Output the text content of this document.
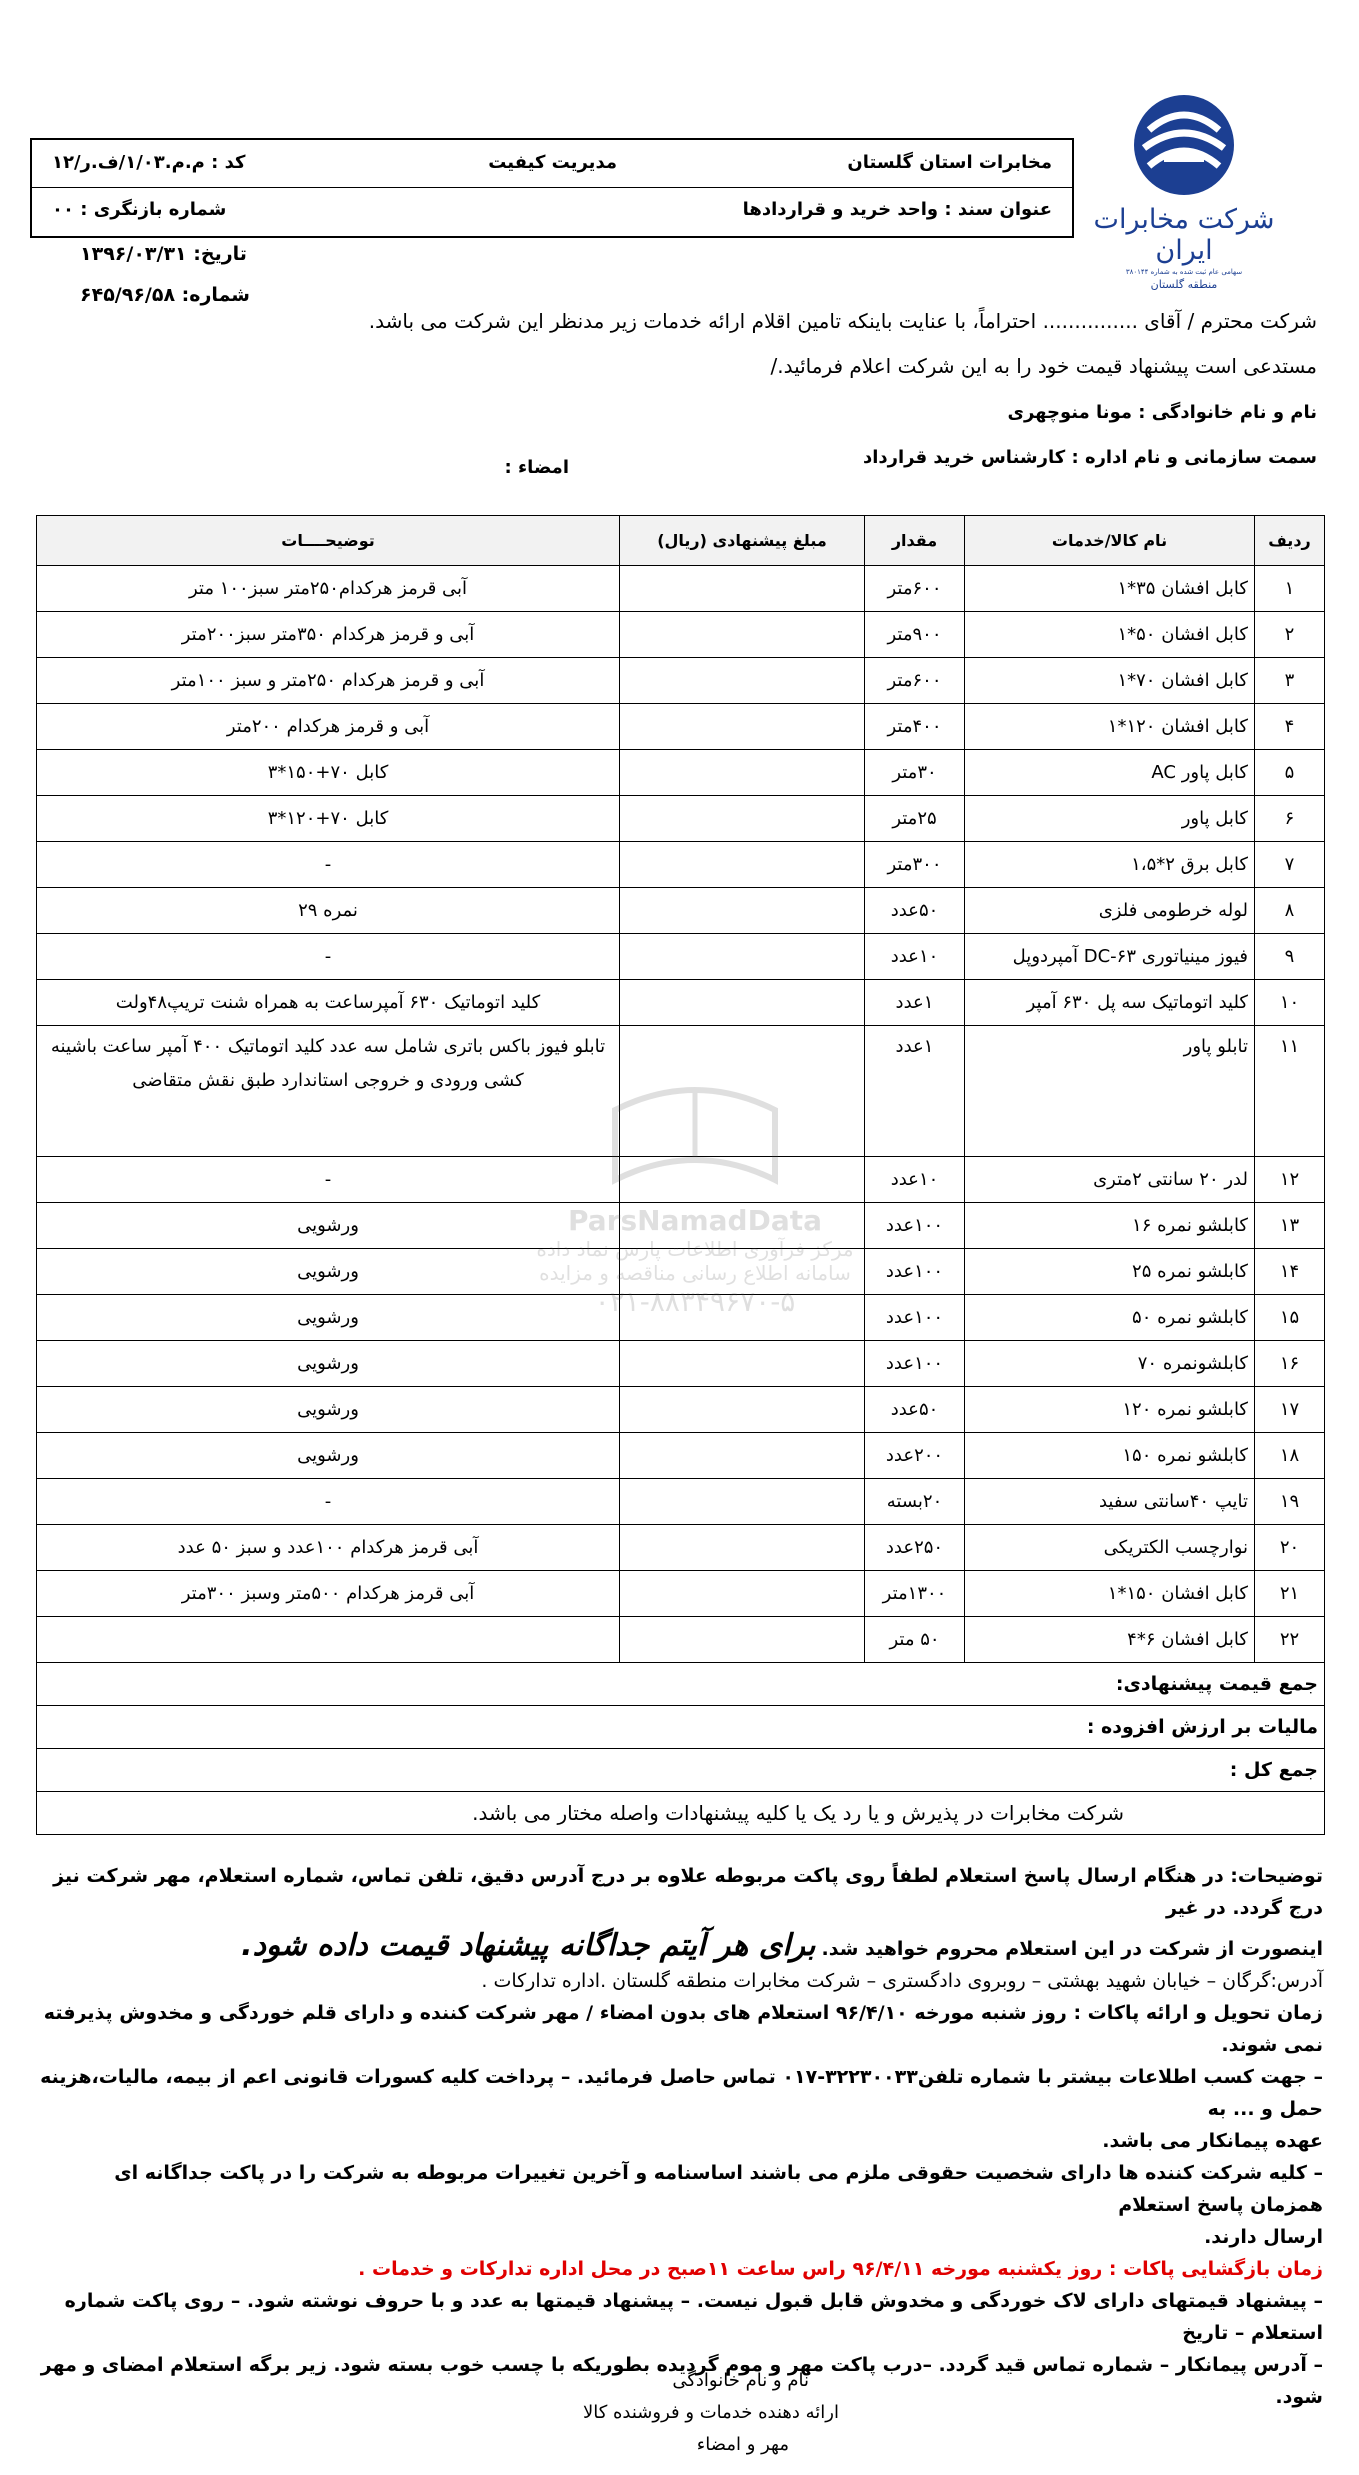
شرکت مخابرات ایران
سهامی عام ثبت شده به شماره ۳۸۰۱۴۴
منطقه گلستان
مخابرات استان گلستان
مدیریت کیفیت
کد : م.م.۱/۰۳/ف.ر/۱۲
عنوان سند : واحد خرید و قراردادها
شماره بازنگری : ۰۰
تاریخ: ۱۳۹۶/۰۳/۳۱
شماره: ۶۴۵/۹۶/۵۸
شرکت محترم / آقای ............... احتراماً، با عنایت باینکه تامین اقلام ارائه خدمات زیر مدنظر این شرکت می باشد.
مستدعی است پیشنهاد قیمت خود را به این شرکت اعلام فرمائید./
نام و نام خانوادگی : مونا منوچهری
سمت سازمانی و نام اداره : کارشناس خرید قرارداد
امضاء :
ردیف	نام کالا/خدمات	مقدار	مبلغ پیشنهادی (ریال)	توضیحــــات
۱	کابل افشان ۳۵*۱	۶۰۰متر		آبی قرمز هرکدام۲۵۰متر سبز۱۰۰ متر
۲	کابل افشان ۵۰*۱	۹۰۰متر		آبی و قرمز هرکدام ۳۵۰متر سبز۲۰۰متر
۳	کابل افشان ۷۰*۱	۶۰۰متر		آبی و قرمز هرکدام ۲۵۰متر و سبز ۱۰۰متر
۴	کابل افشان ۱۲۰*۱	۴۰۰متر		آبی و قرمز هرکدام ۲۰۰متر
۵	کابل پاور AC	۳۰متر		کابل ۷۰+۱۵۰*۳
۶	کابل پاور	۲۵متر		کابل ۷۰+۱۲۰*۳
۷	کابل برق ۲*۱،۵	۳۰۰متر		-
۸	لوله خرطومی فلزی	۵۰عدد		نمره ۲۹
۹	فیوز مینیاتوری DC-۶۳ آمپردوپل	۱۰عدد		-
۱۰	کلید اتوماتیک سه پل ۶۳۰ آمپر	۱عدد		کلید اتوماتیک ۶۳۰ آمپرساعت به همراه شنت تریپ۴۸ولت
۱۱	تابلو پاور	۱عدد		تابلو فیوز باکس باتری شامل سه عدد کلید اتوماتیک ۴۰۰ آمپر ساعت باشینه کشی ورودی و خروجی استاندارد طبق نقش متقاضی
۱۲	لدر ۲۰ سانتی ۲متری	۱۰عدد		-
۱۳	کابلشو نمره ۱۶	۱۰۰عدد		ورشویی
۱۴	کابلشو نمره ۲۵	۱۰۰عدد		ورشویی
۱۵	کابلشو نمره ۵۰	۱۰۰عدد		ورشویی
۱۶	کابلشونمره ۷۰	۱۰۰عدد		ورشویی
۱۷	کابلشو نمره ۱۲۰	۵۰عدد		ورشویی
۱۸	کابلشو نمره ۱۵۰	۲۰۰عدد		ورشویی
۱۹	تایپ ۴۰سانتی سفید	۲۰بسته		-
۲۰	نوارچسب الکتریکی	۲۵۰عدد		آبی قرمز هرکدام ۱۰۰عدد و سبز ۵۰ عدد
۲۱	کابل افشان ۱۵۰*۱	۱۳۰۰متر		آبی قرمز هرکدام ۵۰۰متر وسبز ۳۰۰متر
۲۲	کابل افشان ۶*۴	۵۰ متر		
جمع قیمت پیشنهادی:				
مالیات بر ارزش افزوده :				
جمع کل :				
شرکت مخابرات در پذیرش و یا رد یک یا کلیه پیشنهادات واصله مختار می باشد.				
ParsNamadData
مرکز فرآوری اطلاعات پارس نماد داده
سامانه اطلاع رسانی مناقصه و مزایده
۰۲۱-۸۸۳۴۹۶۷۰-۵
توضیحات: در هنگام ارسال پاسخ استعلام لطفاً روی پاکت مربوطه علاوه بر درج آدرس دقیق، تلفن تماس، شماره استعلام، مهر شرکت نیز درج گردد. در غیر
اینصورت از شرکت در این استعلام محروم خواهید شد. برای هر آیتم جداگانه پیشنهاد قیمت داده شود.
آدرس:گرگان – خیابان شهید بهشتی – روبروی دادگستری – شرکت مخابرات منطقه گلستان .اداره تدارکات .
زمان تحویل و ارائه پاکات : روز شنبه مورخه ۹۶/۴/۱۰ استعلام های بدون امضاء / مهر شرکت کننده و دارای قلم خوردگی و مخدوش پذیرفته نمی شوند.
– جهت کسب اطلاعات بیشتر با شماره تلفن۳۲۲۳۰۰۳۳-۰۱۷ تماس حاصل فرمائید. – پرداخت کلیه کسورات قانونی اعم از بیمه، مالیات،هزینه حمل و ... به
عهده پیمانکار می باشد.
– کلیه شرکت کننده ها دارای شخصیت حقوقی ملزم می باشند اساسنامه و آخرین تغییرات مربوطه به شرکت را در پاکت جداگانه ای همزمان پاسخ استعلام
ارسال دارند.
زمان بازگشایی پاکات : روز یکشنبه مورخه ۹۶/۴/۱۱ راس ساعت ۱۱صبح در محل اداره تدارکات و خدمات .
– پیشنهاد قیمتهای دارای لاک خوردگی و مخدوش قابل قبول نیست. – پیشنهاد قیمتها به عدد و با حروف نوشته شود. – روی پاکت شماره استعلام – تاریخ
– آدرس پیمانکار – شماره تماس قید گردد. –درب پاکت مهر و موم گردیده بطوریکه با چسب خوب بسته شود. زیر برگه استعلام امضای و مهر شود.
نام و نام خانوادگی
ارائه دهنده خدمات و فروشنده کالا
مهر و امضاء
